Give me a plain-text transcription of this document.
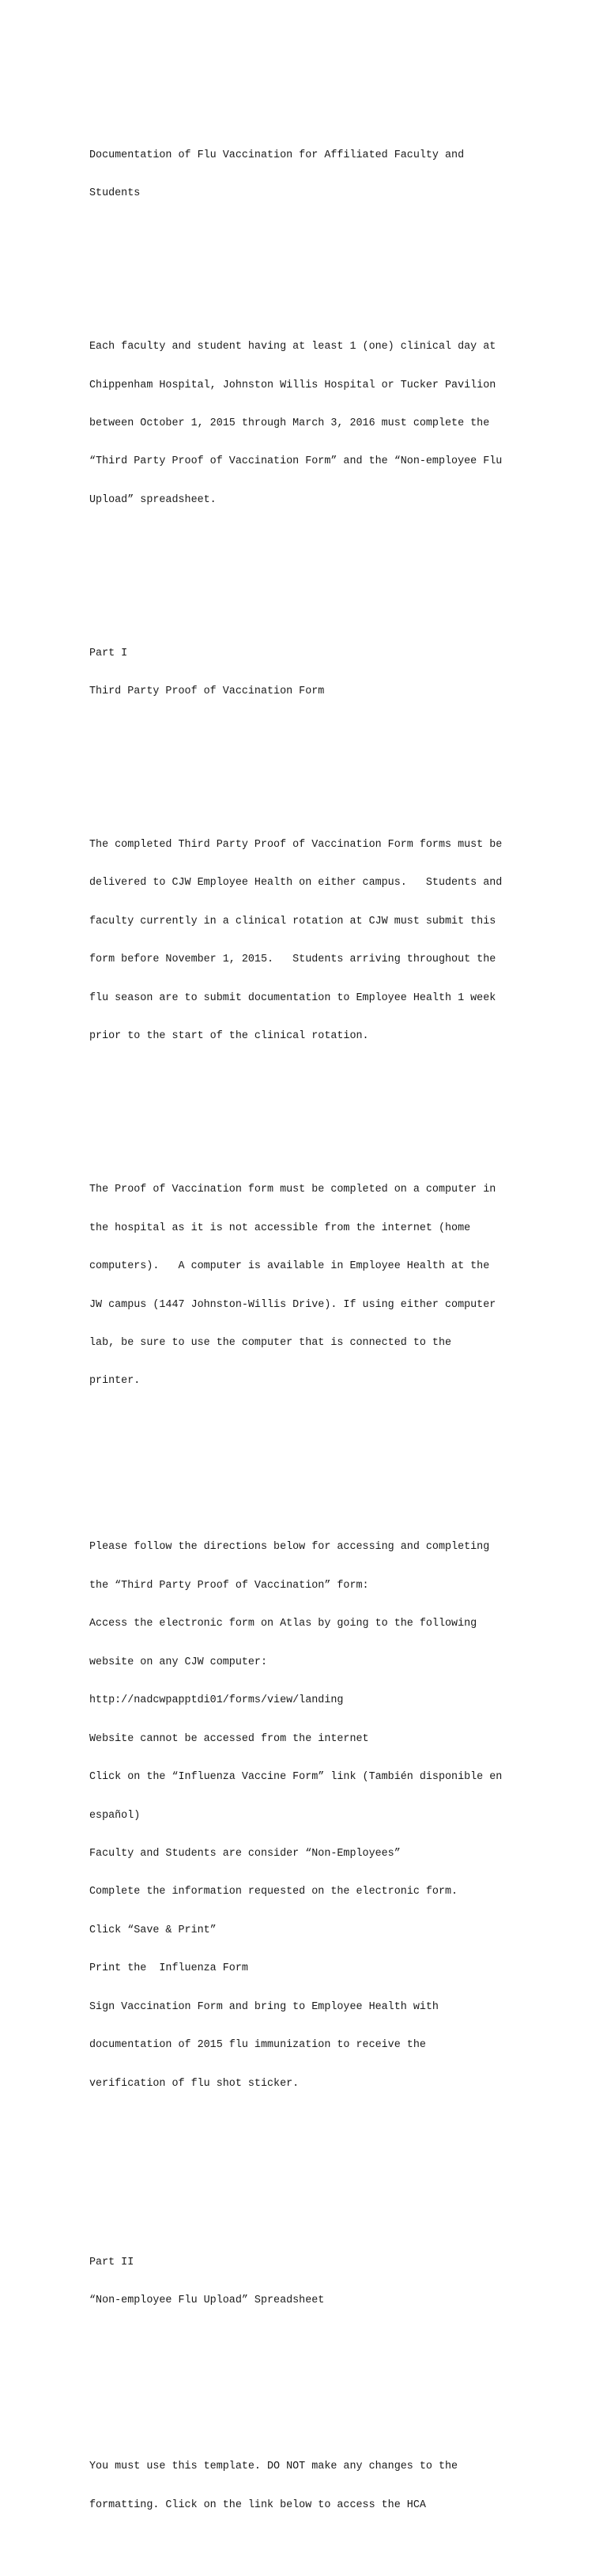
Documentation of Flu Vaccination for Affiliated Faculty and

Students

Each faculty and student having at least 1 (one) clinical day at

Chippenham Hospital, Johnston Willis Hospital or Tucker Pavilion

between October 1, 2015 through March 3, 2016 must complete the

“Third Party Proof of Vaccination Form” and the “Non-employee Flu

Upload” spreadsheet.

Part I

Third Party Proof of Vaccination Form

The completed Third Party Proof of Vaccination Form forms must be

delivered to CJW Employee Health on either campus.   Students and

faculty currently in a clinical rotation at CJW must submit this

form before November 1, 2015.   Students arriving throughout the

flu season are to submit documentation to Employee Health 1 week

prior to the start of the clinical rotation.

The Proof of Vaccination form must be completed on a computer in

the hospital as it is not accessible from the internet (home

computers).   A computer is available in Employee Health at the

JW campus (1447 Johnston-Willis Drive). If using either computer

lab, be sure to use the computer that is connected to the

printer.

Please follow the directions below for accessing and completing

the “Third Party Proof of Vaccination” form:

Access the electronic form on Atlas by going to the following

website on any CJW computer:

http://nadcwpapptdi01/forms/view/landing

Website cannot be accessed from the internet

Click on the “Influenza Vaccine Form” link (También disponible en

español)

Faculty and Students are consider “Non-Employees”

Complete the information requested on the electronic form.

Click “Save & Print”

Print the  Influenza Form

Sign Vaccination Form and bring to Employee Health with

documentation of 2015 flu immunization to receive the

verification of flu shot sticker.

Part II

“Non-employee Flu Upload” Spreadsheet

You must use this template. DO NOT make any changes to the

formatting. Click on the link below to access the HCA
